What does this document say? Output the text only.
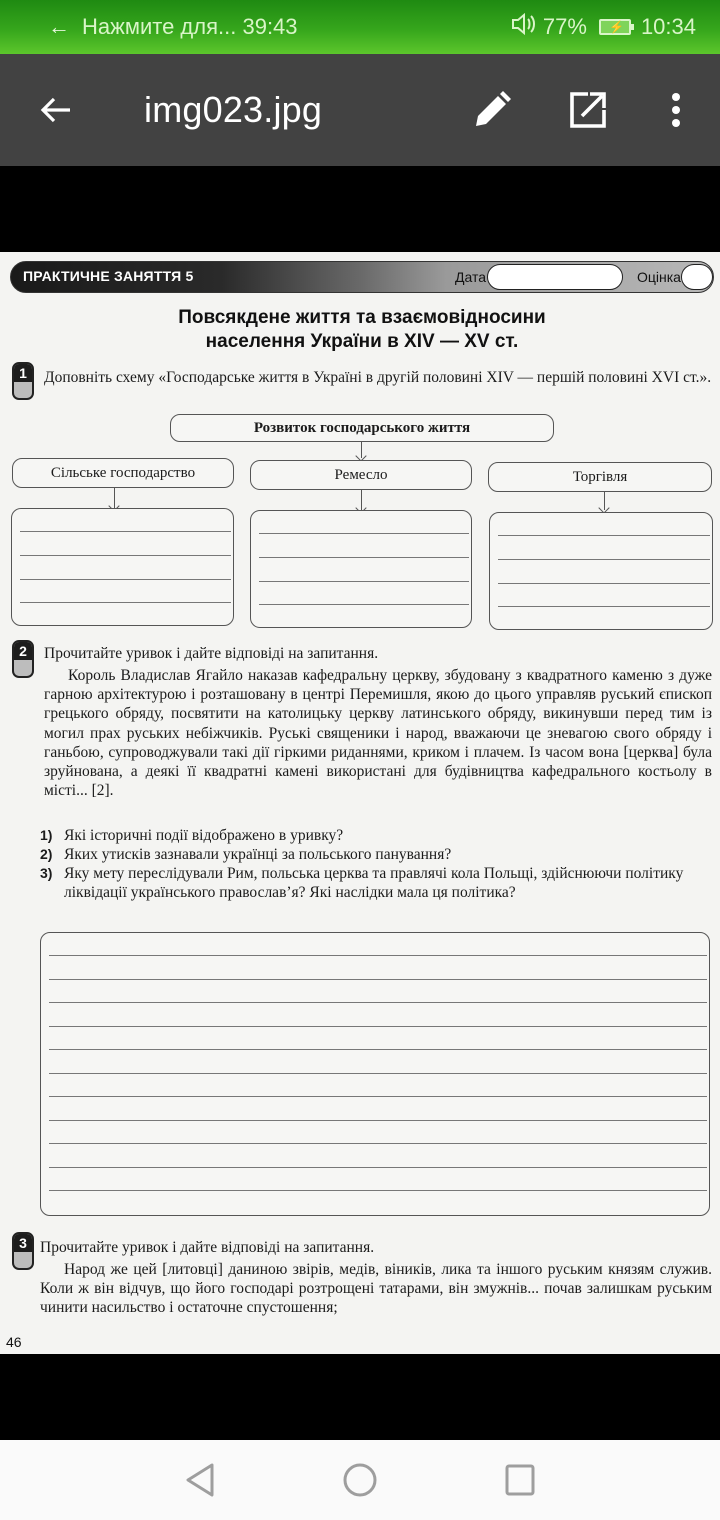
← Нажмите для... 39:43	77% ⚡ 10:34
img023.jpg
ПРАКТИЧНЕ ЗАНЯТТЯ 5	Дата	Оцінка
Повсякдене життя та взаємовідносини
населення України в XIV — XV ст.
1	Доповніть схему «Господарське життя в Україні в другій половині XIV — першій половині XVI ст.».
Розвиток господарського життя
Сільське господарство	Ремесло	Торгівля
2	Прочитайте уривок і дайте відповіді на запитання.
Король Владислав Ягайло наказав кафедральну церкву, збудовану з квадратного каменю з дуже гарною архітектурою і розташовану в центрі Перемишля, якою до цього управляв руський єпископ грецького обряду, посвятити на католицьку церкву латинського обряду, викинувши перед тим із могил прах руських небіжчиків. Руські священики і народ, вважаючи це зневагою свого обряду і ганьбою, супроводжували такі дії гіркими риданнями, криком і плачем. Із часом вона [церква] була зруйнована, а деякі її квадратні камені використані для будівництва кафедрального костьолу в місті... [2].
1) Які історичні події відображено в уривку?
2) Яких утисків зазнавали українці за польського панування?
3) Яку мету переслідували Рим, польська церква та правлячі кола Польщі, здійснюючи політику ліквідації українського православ’я? Які наслідки мала ця політика?
3 Прочитайте уривок і дайте відповіді на запитання.
Народ же цей [литовці] даниною звірів, медів, віників, лика та іншого руським князям служив. Коли ж він відчув, що його господарі розтрощені татарами, він змужнів... почав залишкам руським чинити насильство і остаточне спустошення;
46
